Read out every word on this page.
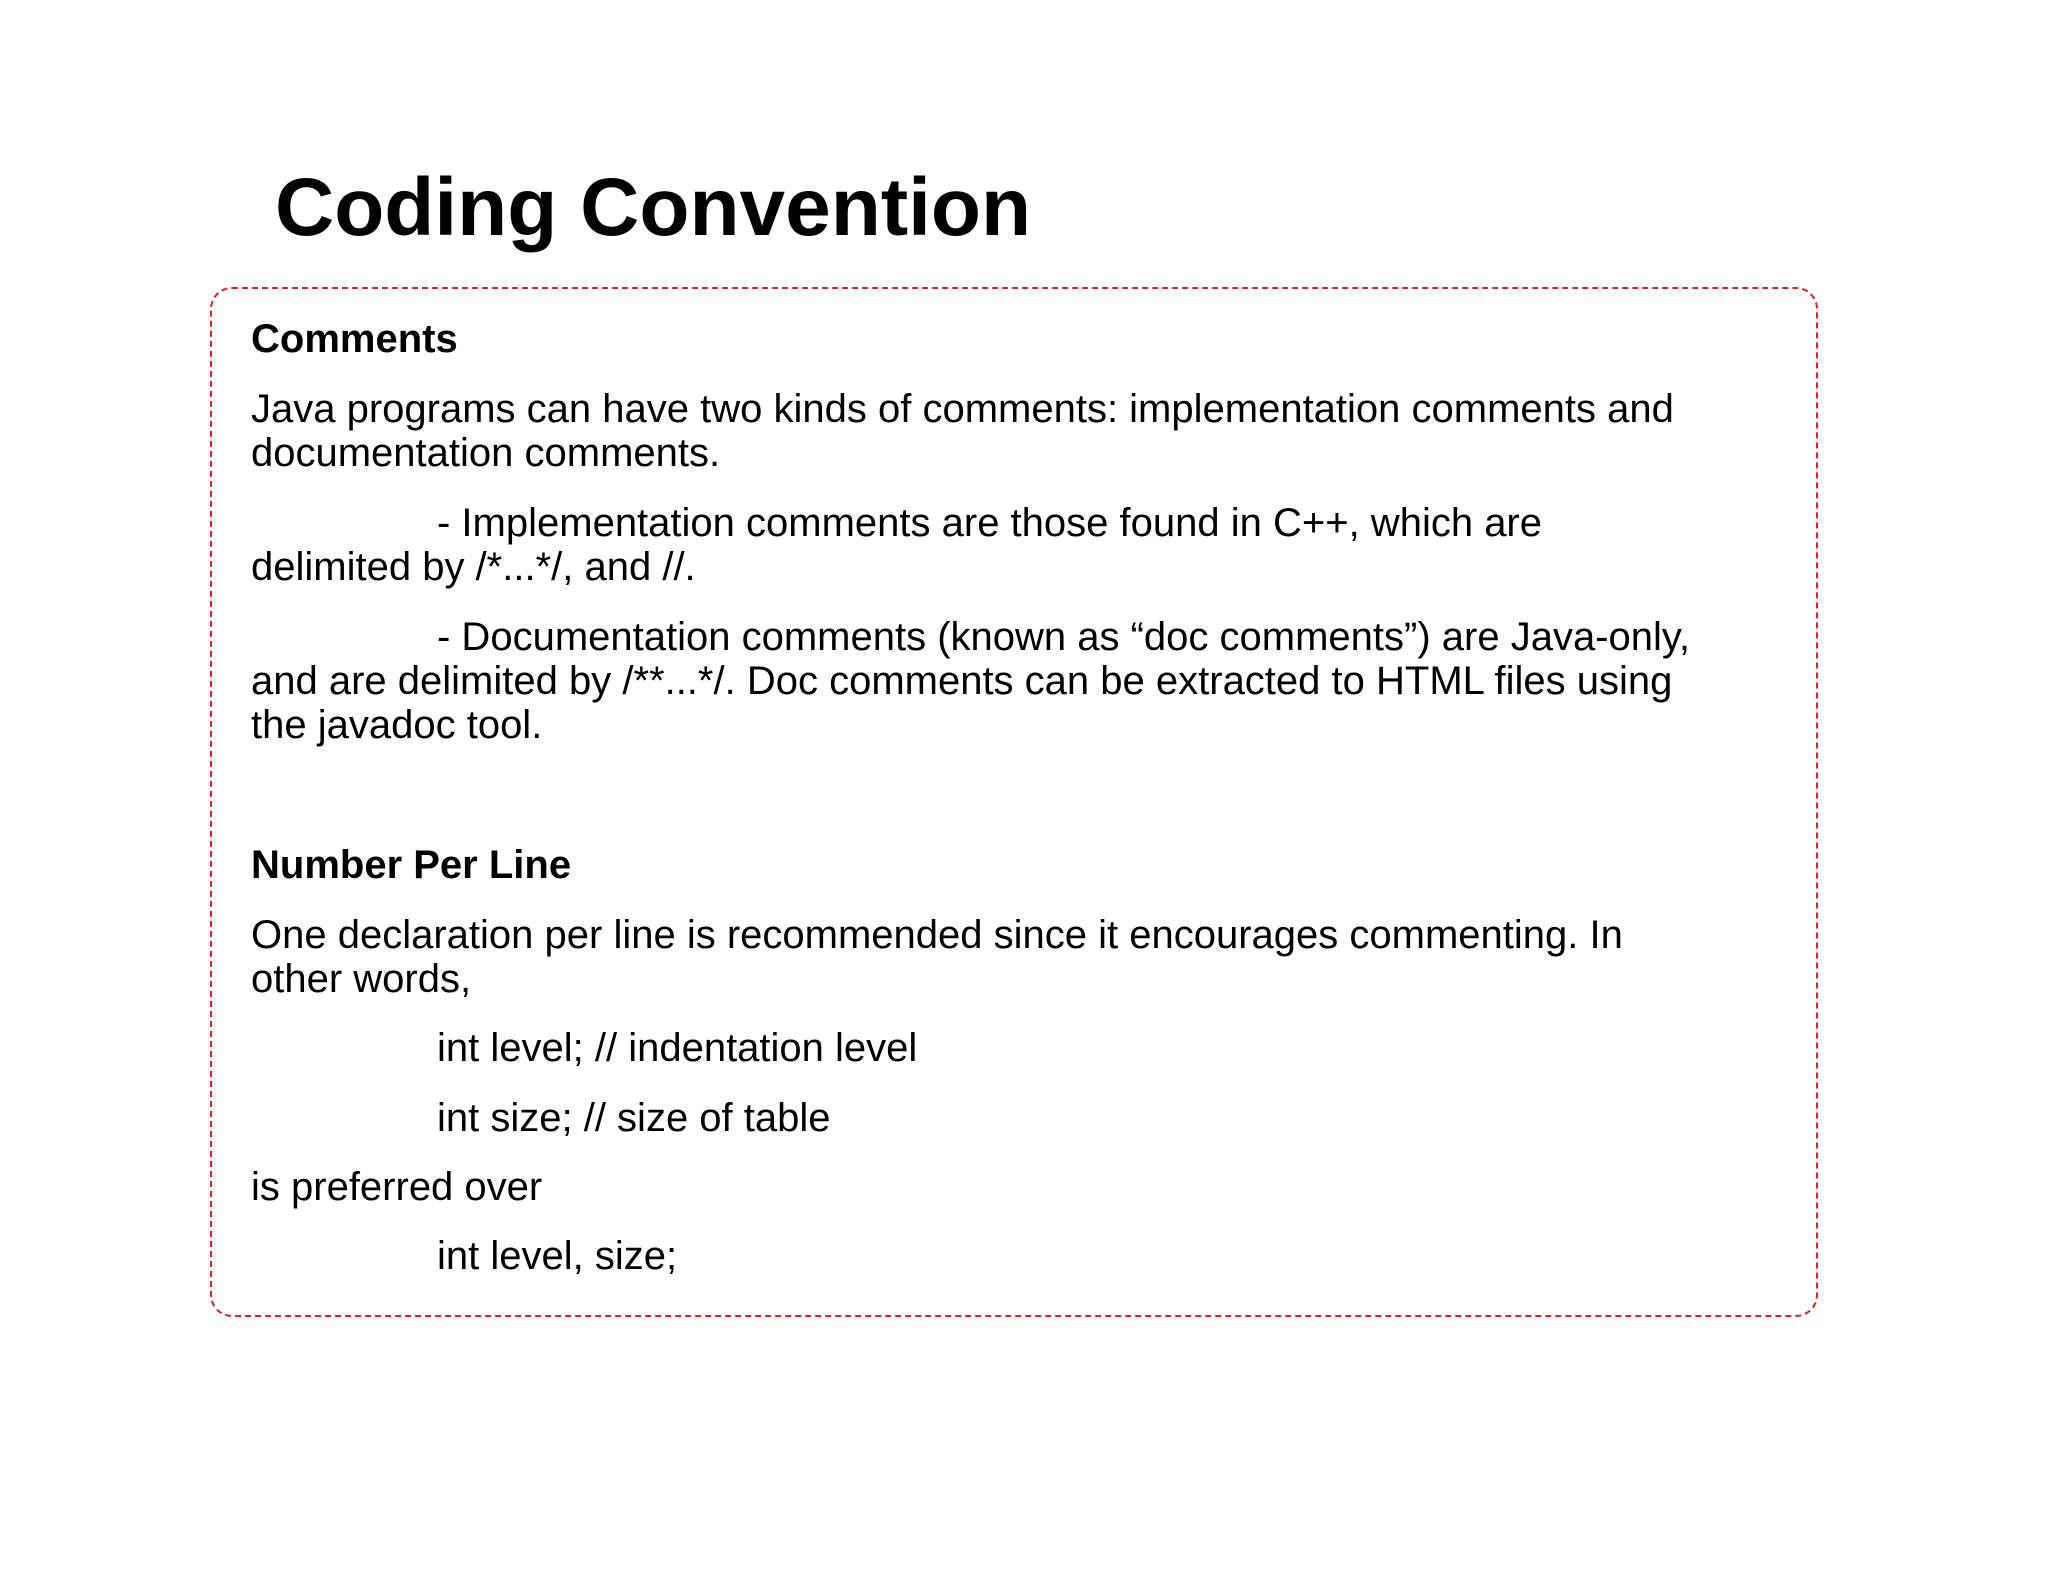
Coding Convention
Comments
Java programs can have two kinds of comments: implementation comments and
documentation comments.
- Implementation comments are those found in C++, which are
delimited by /*...*/, and //.
- Documentation comments (known as “doc comments”) are Java-only,
and are delimited by /**...*/. Doc comments can be extracted to HTML files using
the javadoc tool.
Number Per Line
One declaration per line is recommended since it encourages commenting. In
other words,
int level; // indentation level
int size; // size of table
is preferred over
int level, size;
